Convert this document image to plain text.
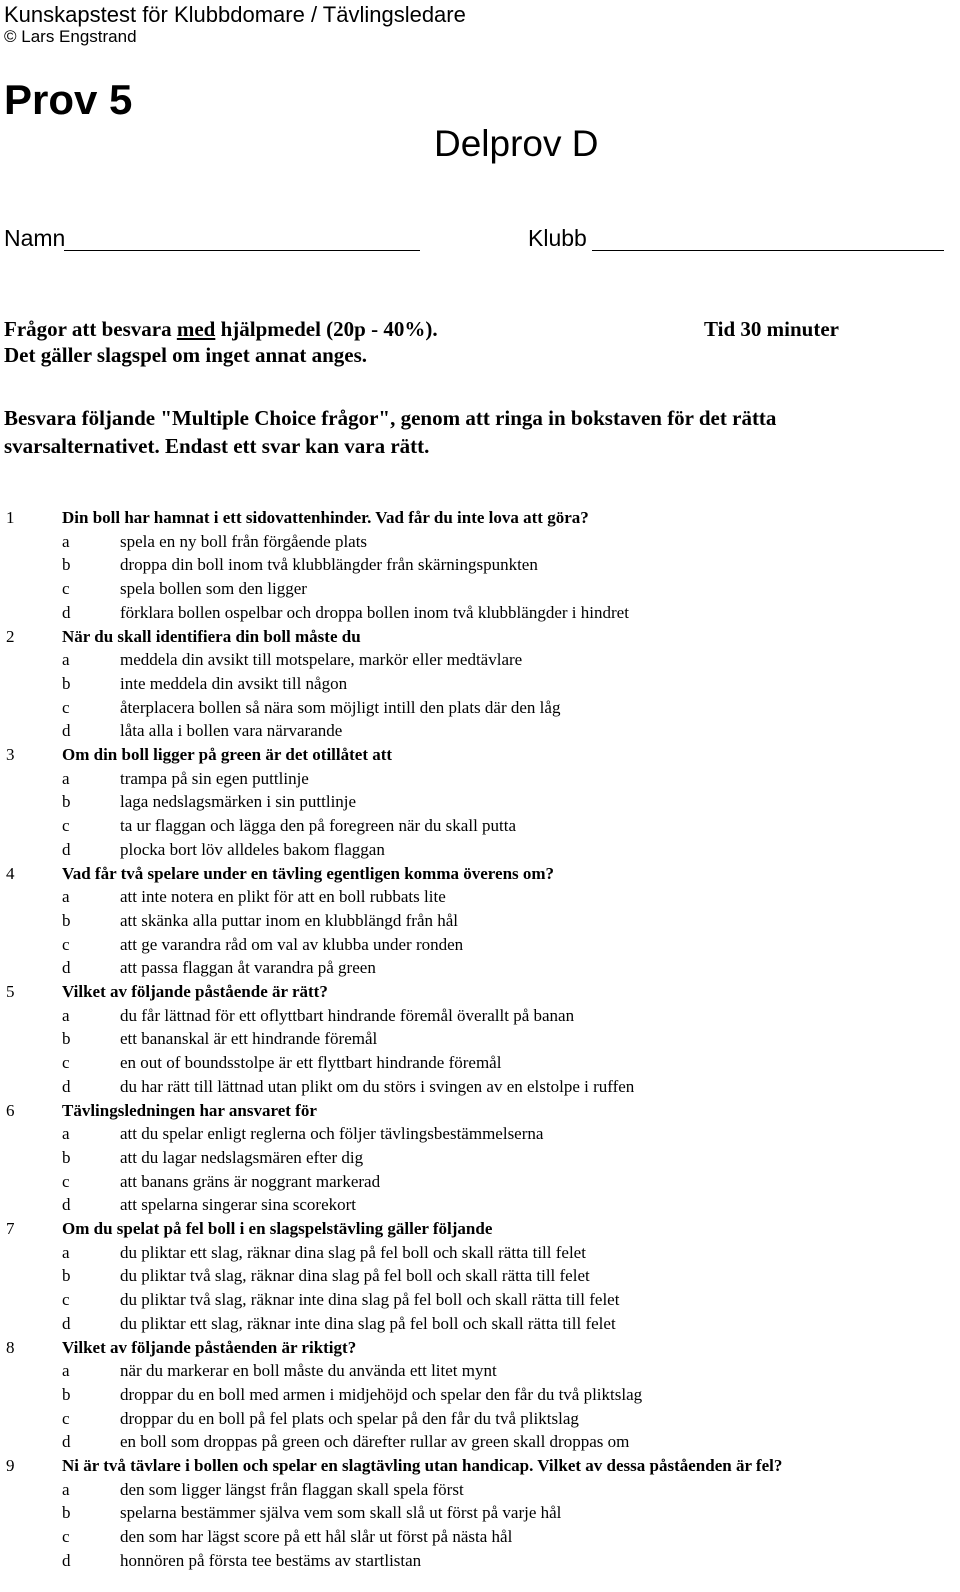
Kunskapstest för Klubbdomare / Tävlingsledare
© Lars Engstrand
Prov 5
Delprov D
Namn	Klubb
Frågor att besvara med hjälpmedel (20p - 40%).	Tid 30 minuter
Det gäller slagspel om inget annat anges.
Besvara följande "Multiple Choice frågor", genom att ringa in bokstaven för det rätta
svarsalternativet. Endast ett svar kan vara rätt.
1	Din boll har hamnat i ett sidovattenhinder. Vad får du inte lova att göra?
a	spela en ny boll från förgående plats
b	droppa din boll inom två klubblängder från skärningspunkten
c	spela bollen som den ligger
d	förklara bollen ospelbar och droppa bollen inom två klubblängder i hindret
2	När du skall identifiera din boll måste du
a	meddela din avsikt till motspelare, markör eller medtävlare
b	inte meddela din avsikt till någon
c	återplacera bollen så nära som möjligt intill den plats där den låg
d	låta alla i bollen vara närvarande
3	Om din boll ligger på green är det otillåtet att
a	trampa på sin egen puttlinje
b	laga nedslagsmärken i sin puttlinje
c	ta ur flaggan och lägga den på foregreen när du skall putta
d	plocka bort löv alldeles bakom flaggan
4	Vad får två spelare under en tävling egentligen komma överens om?
a	att inte notera en plikt för att en boll rubbats lite
b	att skänka alla puttar inom en klubblängd från hål
c	att ge varandra råd om val av klubba under ronden
d	att passa flaggan åt varandra på green
5	Vilket av följande påstående är rätt?
a	du får lättnad för ett oflyttbart hindrande föremål överallt på banan
b	ett bananskal är ett hindrande föremål
c	en out of boundsstolpe är ett flyttbart hindrande föremål
d	du har rätt till lättnad utan plikt om du störs i svingen av en elstolpe i ruffen
6	Tävlingsledningen har ansvaret för
a	att du spelar enligt reglerna och följer tävlingsbestämmelserna
b	att du lagar nedslagsmären efter dig
c	att banans gräns är noggrant markerad
d	att spelarna singerar sina scorekort
7	Om du spelat på fel boll i en slagspelstävling gäller följande
a	du pliktar ett slag, räknar dina slag på fel boll och skall rätta till felet
b	du pliktar två slag, räknar dina slag på fel boll och skall rätta till felet
c	du pliktar två slag, räknar inte dina slag på fel boll och skall rätta till felet
d	du pliktar ett slag, räknar inte dina slag på fel boll och skall rätta till felet
8	Vilket av följande påståenden är riktigt?
a	när du markerar en boll måste du använda ett litet mynt
b	droppar du en boll med armen i midjehöjd och spelar den får du två pliktslag
c	droppar du en boll på fel plats och spelar på den får du två pliktslag
d	en boll som droppas på green och därefter rullar av green skall droppas om
9	Ni är två tävlare i bollen och spelar en slagtävling utan handicap. Vilket av dessa påståenden är fel?
a	den som ligger längst från flaggan skall spela först
b	spelarna bestämmer själva vem som skall slå ut först på varje hål
c	den som har lägst score på ett hål slår ut först på nästa hål
d	honnören på första tee bestäms av startlistan
